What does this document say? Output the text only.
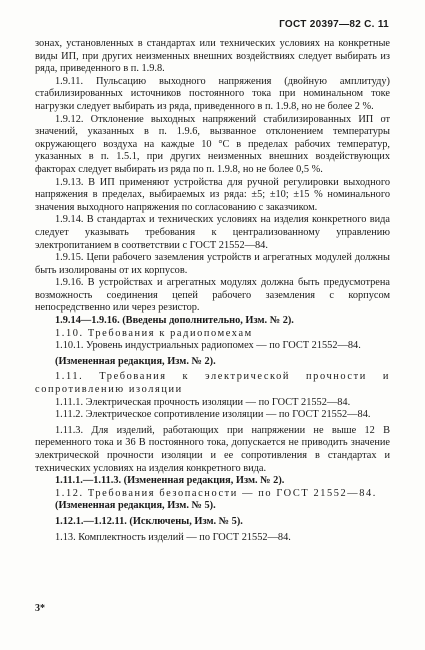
ГОСТ 20397—82 С. 11

зонах, установленных в стандартах или технических условиях на конкретные виды ИП, при других неизменных внешних воздействиях следует выбирать из ряда, приведенного в п. 1.9.8.

1.9.11. Пульсацию выходного напряжения (двойную амплитуду) стабилизированных источников постоянного тока при номинальном токе нагрузки следует выбирать из ряда, приведенного в п. 1.9.8, но не более 2 %.

1.9.12. Отклонение выходных напряжений стабилизированных ИП от значений, указанных в п. 1.9.6, вызванное отклонением температуры окружающего воздуха на каждые 10 °С в пределах рабочих температур, указанных в п. 1.5.1, при других неизменных внешних воздействующих факторах следует выбирать из ряда по п. 1.9.8, но не более 0,5 %.

1.9.13. В ИП применяют устройства для ручной регулировки выходного напряжения в пределах, выбираемых из ряда: ±5; ±10; ±15 % номинального значения выходного напряжения по согласованию с заказчиком.

1.9.14. В стандартах и технических условиях на изделия конкретного вида следует указывать требования к централизованному управлению электропитанием в соответствии с ГОСТ 21552—84.

1.9.15. Цепи рабочего заземления устройств и агрегатных модулей должны быть изолированы от их корпусов.

1.9.16. В устройствах и агрегатных модулях должна быть предусмотрена возможность соединения цепей рабочего заземления с корпусом непосредственно или через резистор.

1.9.14—1.9.16. (Введены дополнительно, Изм. № 2).

1.10. Требования к радиопомехам

1.10.1. Уровень индустриальных радиопомех — по ГОСТ 21552—84.

(Измененная редакция, Изм. № 2).

1.11. Требования к электрической прочности и сопротивлению изоляции

1.11.1. Электрическая прочность изоляции — по ГОСТ 21552—84.

1.11.2. Электрическое сопротивление изоляции — по ГОСТ 21552—84.

1.11.3. Для изделий, работающих при напряжении не выше 12 В переменного тока и 36 В постоянного тока, допускается не приводить значение электрической прочности изоляции и ее сопротивления в стандартах и технических условиях на изделия конкретного вида.

1.11.1.—1.11.3. (Измененная редакция, Изм. № 2).

1.12. Требования безопасности — по ГОСТ 21552—84.

(Измененная редакция, Изм. № 5).

1.12.1.—1.12.11. (Исключены, Изм. № 5).

1.13. Комплектность изделий — по ГОСТ 21552—84.

3*
